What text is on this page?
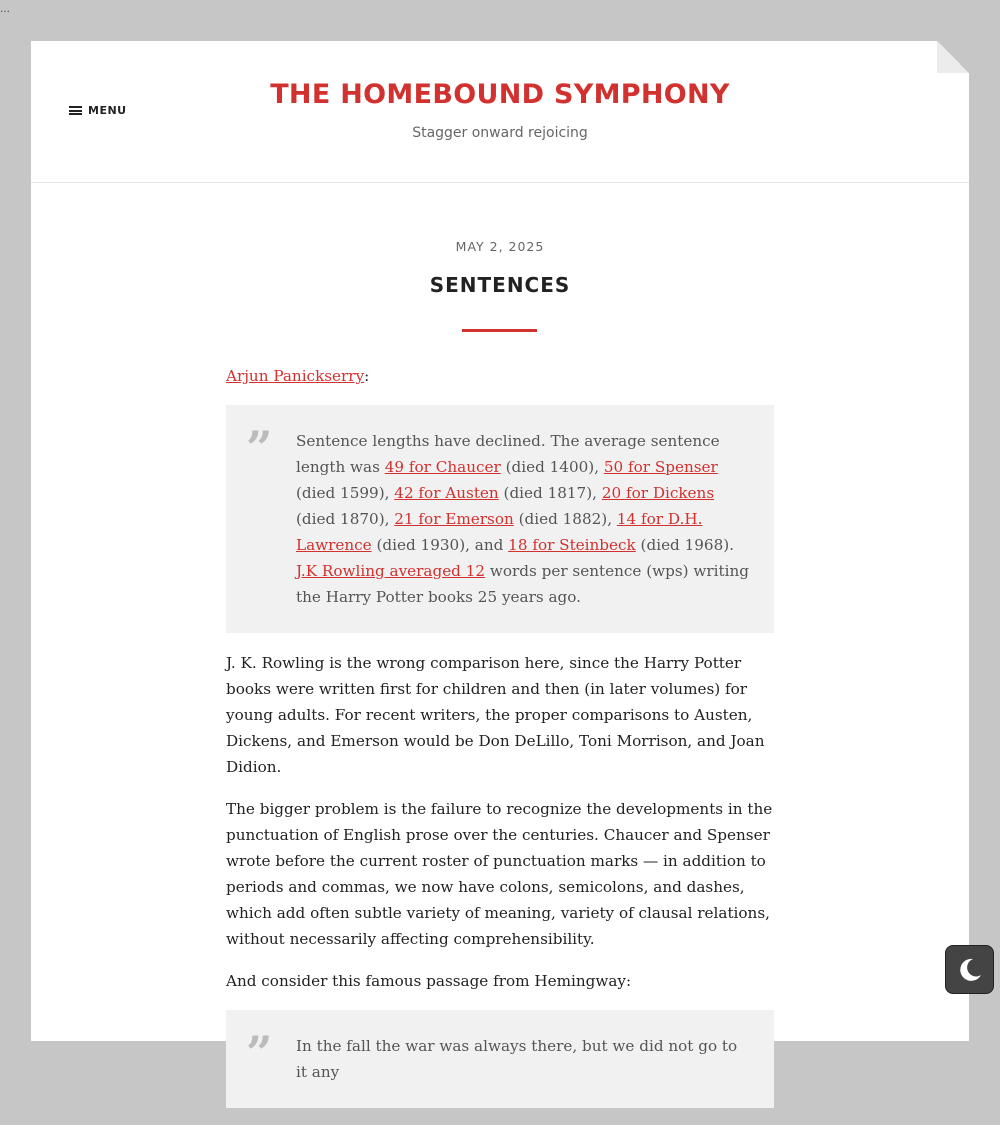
…
MENU
THE HOMEBOUND SYMPHONY
Stagger onward rejoicing
MAY 2, 2025
SENTENCES

Arjun Panickserry:

” Sentence lengths have declined. The average sentence length was 49 for Chaucer (died 1400), 50 for Spenser (died 1599), 42 for Austen (died 1817), 20 for Dickens (died 1870), 21 for Emerson (died 1882), 14 for D.H. Lawrence (died 1930), and 18 for Steinbeck (died 1968). J.K Rowling averaged 12 words per sentence (wps) writing the Harry Potter books 25 years ago.

J. K. Rowling is the wrong comparison here, since the Harry Potter books were written first for children and then (in later volumes) for young adults. For recent writers, the proper comparisons to Austen, Dickens, and Emerson would be Don DeLillo, Toni Morrison, and Joan Didion.

The bigger problem is the failure to recognize the developments in the punctuation of English prose over the centuries. Chaucer and Spenser wrote before the current roster of punctuation marks — in addition to periods and commas, we now have colons, semicolons, and dashes, which add often subtle variety of meaning, variety of clausal relations, without necessarily affecting comprehensibility.

And consider this famous passage from Hemingway:

” In the fall the war was always there, but we did not go to it any
